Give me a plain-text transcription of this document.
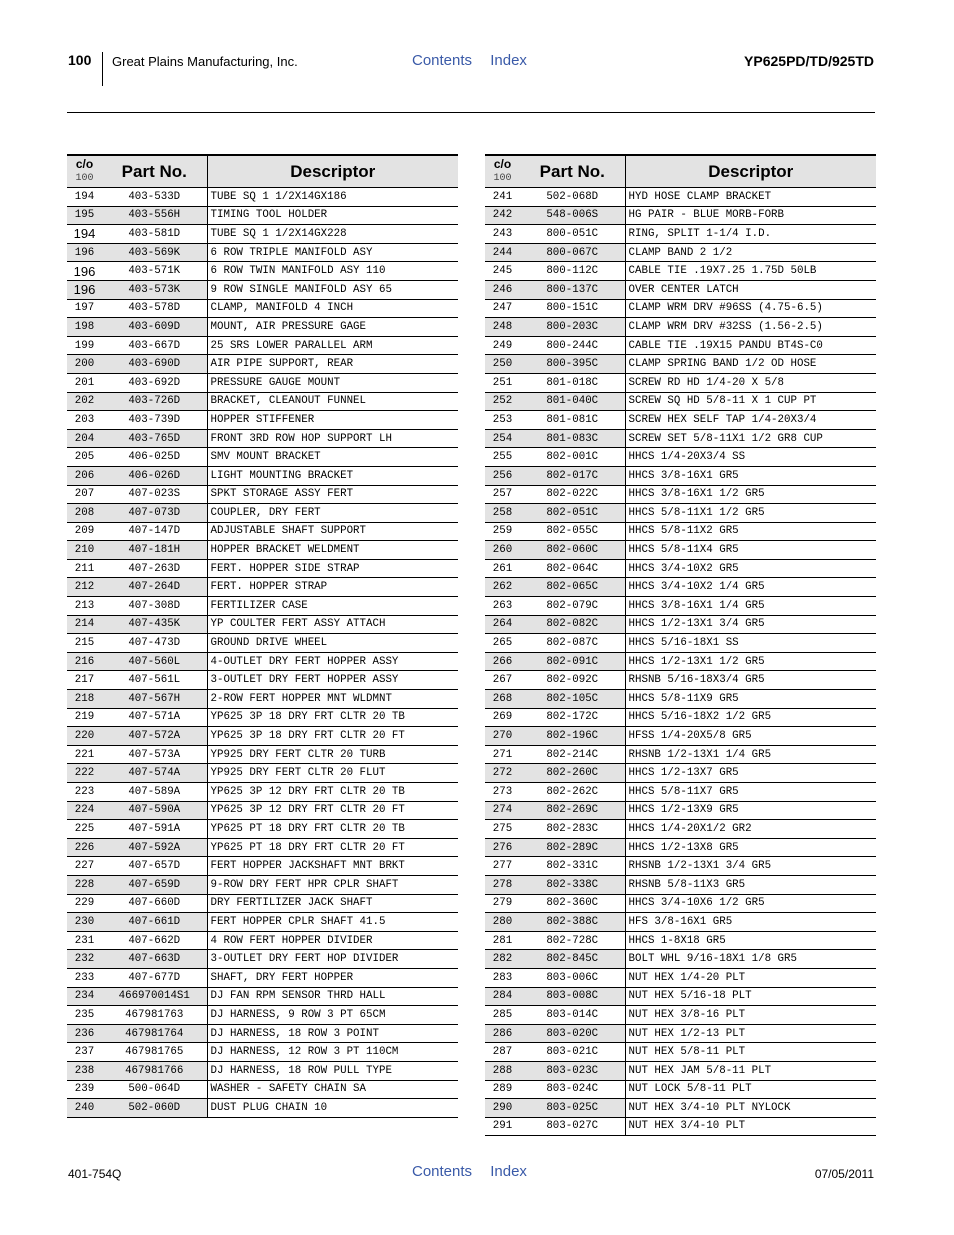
100 Great Plains Manufacturing, Inc.	Contents Index	YP625PD/TD/925TD
c/o
100	Part No.	Descriptor
194	403-533D	TUBE SQ 1 1/2X14GX186
195	403-556H	TIMING TOOL HOLDER
194	403-581D	TUBE SQ 1 1/2X14GX228
196	403-569K	6 ROW TRIPLE MANIFOLD ASY
196	403-571K	6 ROW TWIN MANIFOLD ASY 110
196	403-573K	9 ROW SINGLE MANIFOLD ASY 65
197	403-578D	CLAMP, MANIFOLD 4 INCH
198	403-609D	MOUNT, AIR PRESSURE GAGE
199	403-667D	25 SRS LOWER PARALLEL ARM
200	403-690D	AIR PIPE SUPPORT, REAR
201	403-692D	PRESSURE GAUGE MOUNT
202	403-726D	BRACKET, CLEANOUT FUNNEL
203	403-739D	HOPPER STIFFENER
204	403-765D	FRONT 3RD ROW HOP SUPPORT LH
205	406-025D	SMV MOUNT BRACKET
206	406-026D	LIGHT MOUNTING BRACKET
207	407-023S	SPKT STORAGE ASSY FERT
208	407-073D	COUPLER, DRY FERT
209	407-147D	ADJUSTABLE SHAFT SUPPORT
210	407-181H	HOPPER BRACKET WELDMENT
211	407-263D	FERT. HOPPER SIDE STRAP
212	407-264D	FERT. HOPPER STRAP
213	407-308D	FERTILIZER CASE
214	407-435K	YP COULTER FERT ASSY ATTACH
215	407-473D	GROUND DRIVE WHEEL
216	407-560L	4-OUTLET DRY FERT HOPPER ASSY
217	407-561L	3-OUTLET DRY FERT HOPPER ASSY
218	407-567H	2-ROW FERT HOPPER MNT WLDMNT
219	407-571A	YP625 3P 18 DRY FRT CLTR 20 TB
220	407-572A	YP625 3P 18 DRY FRT CLTR 20 FT
221	407-573A	YP925 DRY FERT CLTR 20 TURB
222	407-574A	YP925 DRY FERT CLTR 20 FLUT
223	407-589A	YP625 3P 12 DRY FRT CLTR 20 TB
224	407-590A	YP625 3P 12 DRY FRT CLTR 20 FT
225	407-591A	YP625 PT 18 DRY FRT CLTR 20 TB
226	407-592A	YP625 PT 18 DRY FRT CLTR 20 FT
227	407-657D	FERT HOPPER JACKSHAFT MNT BRKT
228	407-659D	9-ROW DRY FERT HPR CPLR SHAFT
229	407-660D	DRY FERTILIZER JACK SHAFT
230	407-661D	FERT HOPPER CPLR SHAFT 41.5
231	407-662D	4 ROW FERT HOPPER DIVIDER
232	407-663D	3-OUTLET DRY FERT HOP DIVIDER
233	407-677D	SHAFT, DRY FERT HOPPER
234	466970014S1	DJ FAN RPM SENSOR THRD HALL
235	467981763	DJ HARNESS, 9 ROW 3 PT 65CM
236	467981764	DJ HARNESS, 18 ROW 3 POINT
237	467981765	DJ HARNESS, 12 ROW 3 PT 110CM
238	467981766	DJ HARNESS, 18 ROW PULL TYPE
239	500-064D	WASHER - SAFETY CHAIN SA
240	502-060D	DUST PLUG CHAIN 10
c/o
100	Part No.	Descriptor
241	502-068D	HYD HOSE CLAMP BRACKET
242	548-006S	HG PAIR - BLUE MORB-FORB
243	800-051C	RING, SPLIT 1-1/4 I.D.
244	800-067C	CLAMP BAND 2 1/2
245	800-112C	CABLE TIE .19X7.25 1.75D 50LB
246	800-137C	OVER CENTER LATCH
247	800-151C	CLAMP WRM DRV #96SS (4.75-6.5)
248	800-203C	CLAMP WRM DRV #32SS (1.56-2.5)
249	800-244C	CABLE TIE .19X15 PANDU BT4S-C0
250	800-395C	CLAMP SPRING BAND 1/2 OD HOSE
251	801-018C	SCREW RD HD 1/4-20 X 5/8
252	801-040C	SCREW SQ HD 5/8-11 X 1 CUP PT
253	801-081C	SCREW HEX SELF TAP 1/4-20X3/4
254	801-083C	SCREW SET 5/8-11X1 1/2 GR8 CUP
255	802-001C	HHCS 1/4-20X3/4 SS
256	802-017C	HHCS 3/8-16X1 GR5
257	802-022C	HHCS 3/8-16X1 1/2 GR5
258	802-051C	HHCS 5/8-11X1 1/2 GR5
259	802-055C	HHCS 5/8-11X2 GR5
260	802-060C	HHCS 5/8-11X4 GR5
261	802-064C	HHCS 3/4-10X2 GR5
262	802-065C	HHCS 3/4-10X2 1/4 GR5
263	802-079C	HHCS 3/8-16X1 1/4 GR5
264	802-082C	HHCS 1/2-13X1 3/4 GR5
265	802-087C	HHCS 5/16-18X1 SS
266	802-091C	HHCS 1/2-13X1 1/2 GR5
267	802-092C	RHSNB 5/16-18X3/4 GR5
268	802-105C	HHCS 5/8-11X9 GR5
269	802-172C	HHCS 5/16-18X2 1/2 GR5
270	802-196C	HFSS 1/4-20X5/8 GR5
271	802-214C	RHSNB 1/2-13X1 1/4 GR5
272	802-260C	HHCS 1/2-13X7 GR5
273	802-262C	HHCS 5/8-11X7 GR5
274	802-269C	HHCS 1/2-13X9 GR5
275	802-283C	HHCS 1/4-20X1/2 GR2
276	802-289C	HHCS 1/2-13X8 GR5
277	802-331C	RHSNB 1/2-13X1 3/4 GR5
278	802-338C	RHSNB 5/8-11X3 GR5
279	802-360C	HHCS 3/4-10X6 1/2 GR5
280	802-388C	HFS 3/8-16X1 GR5
281	802-728C	HHCS 1-8X18 GR5
282	802-845C	BOLT WHL 9/16-18X1 1/8 GR5
283	803-006C	NUT HEX 1/4-20 PLT
284	803-008C	NUT HEX 5/16-18 PLT
285	803-014C	NUT HEX 3/8-16 PLT
286	803-020C	NUT HEX 1/2-13 PLT
287	803-021C	NUT HEX 5/8-11 PLT
288	803-023C	NUT HEX JAM 5/8-11 PLT
289	803-024C	NUT LOCK 5/8-11 PLT
290	803-025C	NUT HEX 3/4-10 PLT NYLOCK
291	803-027C	NUT HEX 3/4-10 PLT
401-754Q	Contents Index	07/05/2011
